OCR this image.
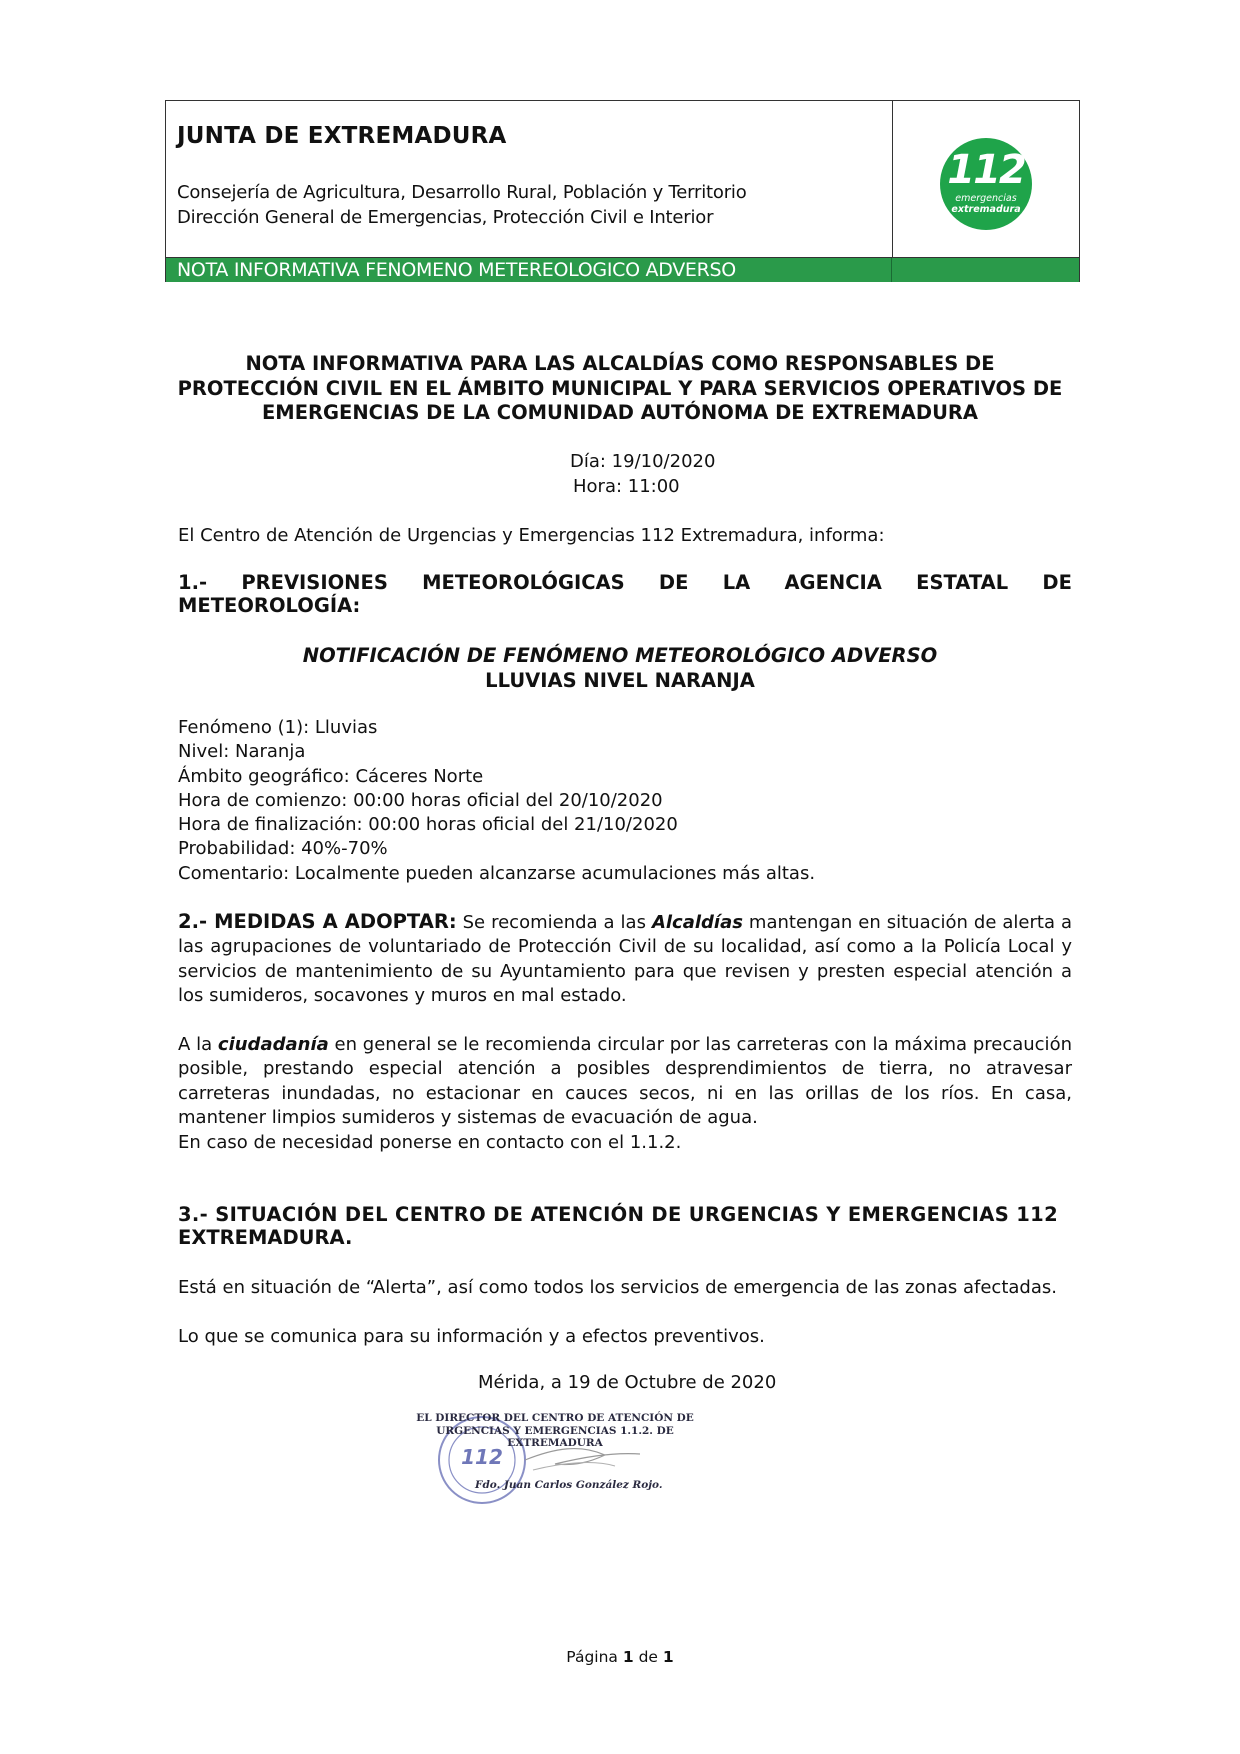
JUNTA DE EXTREMADURA
Consejería de Agricultura, Desarrollo Rural, Población y Territorio
Dirección General de Emergencias, Protección Civil e Interior
112
emergencias
extremadura
NOTA INFORMATIVA FENOMENO METEREOLOGICO ADVERSO
NOTA INFORMATIVA PARA LAS ALCALDÍAS COMO RESPONSABLES DE
PROTECCIÓN CIVIL EN EL ÁMBITO MUNICIPAL Y PARA SERVICIOS OPERATIVOS DE
EMERGENCIAS DE LA COMUNIDAD AUTÓNOMA DE EXTREMADURA
Día: 19/10/2020
Hora: 11:00
El Centro de Atención de Urgencias y Emergencias 112 Extremadura, informa:
1.- PREVISIONES METEOROLÓGICAS DE LA AGENCIA ESTATAL DE
METEOROLOGÍA:
NOTIFICACIÓN DE FENÓMENO METEOROLÓGICO ADVERSO
LLUVIAS NIVEL NARANJA
Fenómeno (1): Lluvias
Nivel: Naranja
Ámbito geográfico: Cáceres Norte
Hora de comienzo: 00:00 horas oficial del 20/10/2020
Hora de finalización: 00:00 horas oficial del 21/10/2020
Probabilidad: 40%-70%
Comentario: Localmente pueden alcanzarse acumulaciones más altas.
2.- MEDIDAS A ADOPTAR: Se recomienda a las Alcaldías mantengan en situación de alerta a las agrupaciones de voluntariado de Protección Civil de su localidad, así como a la Policía Local y servicios de mantenimiento de su Ayuntamiento para que revisen y presten especial atención a los sumideros, socavones y muros en mal estado.
A la ciudadanía en general se le recomienda circular por las carreteras con la máxima precaución posible, prestando especial atención a posibles desprendimientos de tierra, no atravesar carreteras inundadas, no estacionar en cauces secos, ni en las orillas de los ríos. En casa, mantener limpios sumideros y sistemas de evacuación de agua.
En caso de necesidad ponerse en contacto con el 1.1.2.
3.- SITUACIÓN DEL CENTRO DE ATENCIÓN DE URGENCIAS Y EMERGENCIAS 112
EXTREMADURA.
Está en situación de “Alerta”, así como todos los servicios de emergencia de las zonas afectadas.
Lo que se comunica para su información y a efectos preventivos.
Mérida, a 19 de Octubre de 2020
112
EL DIRECTOR DEL CENTRO DE ATENCIÓN DE
URGENCIAS Y EMERGENCIAS 1.1.2. DE EXTREMADURA
Fdo. Juan Carlos González Rojo.
Página 1 de 1
